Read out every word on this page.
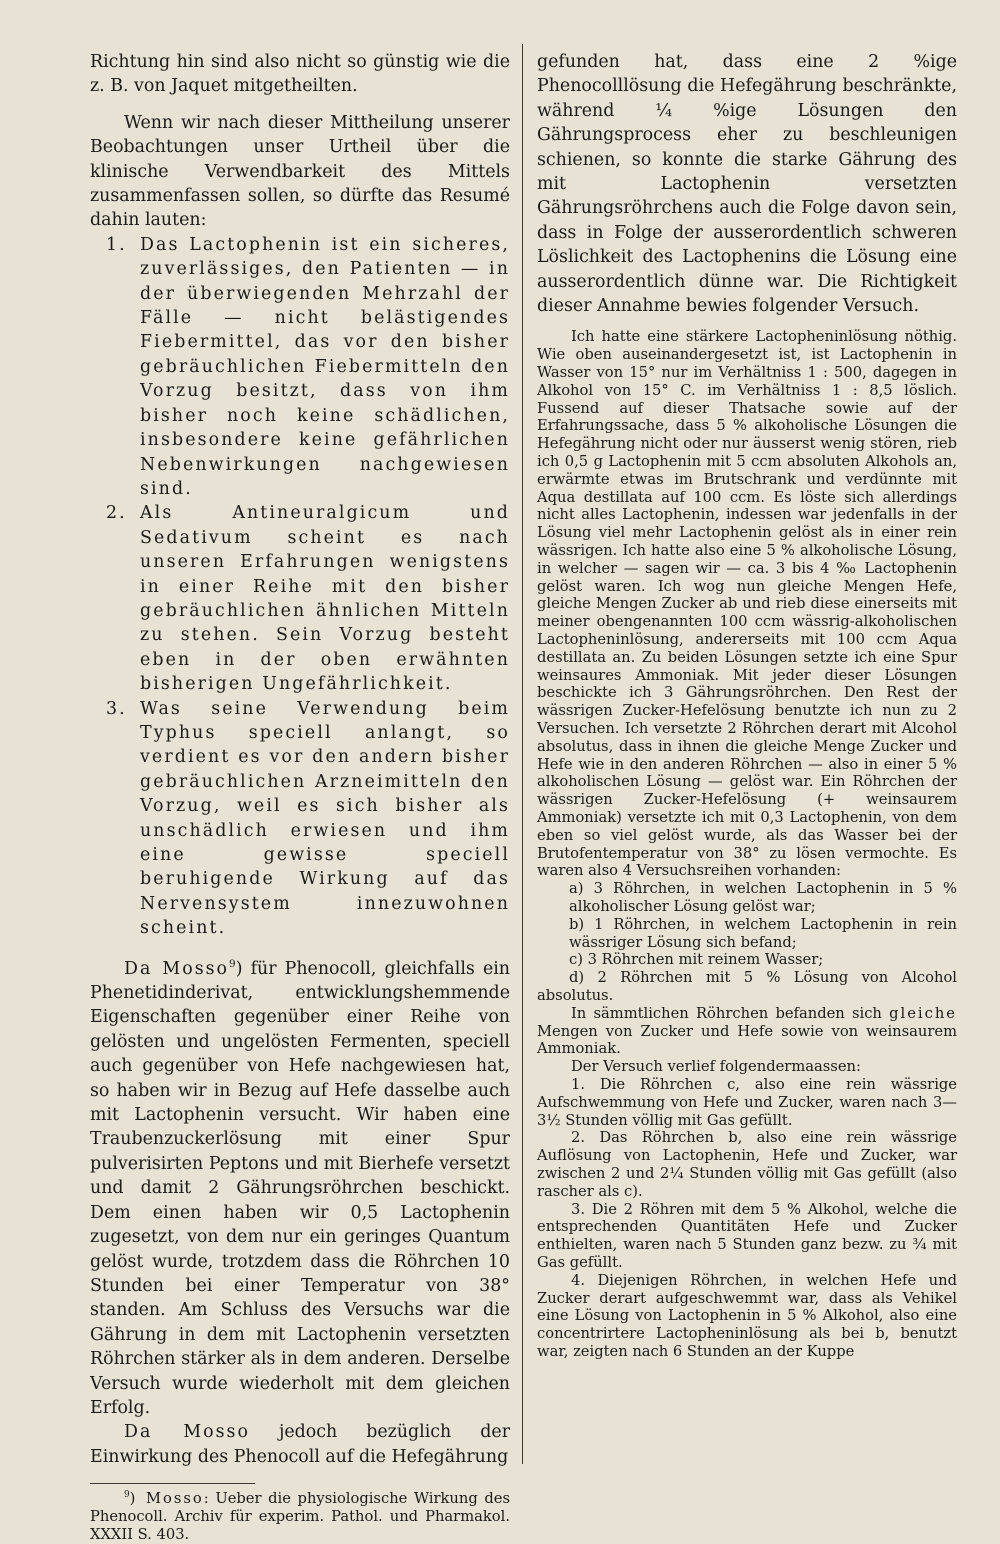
Richtung hin sind also nicht so günstig wie die z. B. von Jaquet mitgetheilten.

Wenn wir nach dieser Mittheilung unserer Beobachtungen unser Urtheil über die klinische Verwendbarkeit des Mittels zusammenfassen sollen, so dürfte das Resumé dahin lauten:

1. Das Lactophenin ist ein sicheres, zuverlässiges, den Patienten — in der überwiegenden Mehrzahl der Fälle — nicht belästigendes Fiebermittel, das vor den bisher gebräuchlichen Fiebermitteln den Vorzug besitzt, dass von ihm bisher noch keine schädlichen, insbesondere keine gefährlichen Nebenwirkungen nachgewiesen sind.
2. Als Antineuralgicum und Sedativum scheint es nach unseren Erfahrungen wenigstens in einer Reihe mit den bisher gebräuchlichen ähnlichen Mitteln zu stehen. Sein Vorzug besteht eben in der oben erwähnten bisherigen Ungefährlichkeit.
3. Was seine Verwendung beim Typhus speciell anlangt, so verdient es vor den andern bisher gebräuchlichen Arzneimitteln den Vorzug, weil es sich bisher als unschädlich erwiesen und ihm eine gewisse speciell beruhigende Wirkung auf das Nervensystem innezuwohnen scheint.

Da Mosso$^9$) für Phenocoll, gleichfalls ein Phenetidinderivat, entwicklungshemmende Eigenschaften gegenüber einer Reihe von gelösten und ungelösten Fermenten, speciell auch gegenüber von Hefe nachgewiesen hat, so haben wir in Bezug auf Hefe dasselbe auch mit Lactophenin versucht. Wir haben eine Traubenzuckerlösung mit einer Spur pulverisirten Peptons und mit Bierhefe versetzt und damit 2 Gährungsröhrchen beschickt. Dem einen haben wir 0,5 Lactophenin zugesetzt, von dem nur ein geringes Quantum gelöst wurde, trotzdem dass die Röhrchen 10 Stunden bei einer Temperatur von 38° standen. Am Schluss des Versuchs war die Gährung in dem mit Lactophenin versetzten Röhrchen stärker als in dem anderen. Derselbe Versuch wurde wiederholt mit dem gleichen Erfolg.

Da Mosso jedoch bezüglich der Einwirkung des Phenocoll auf die Hefegährung

$^9$) Mosso: Ueber die physiologische Wirkung des Phenocoll. Archiv für experim. Pathol. und Pharmakol. XXXII S. 403.

gefunden hat, dass eine 2 %ige Phenocolllösung die Hefegährung beschränkte, während ¼ %ige Lösungen den Gährungsprocess eher zu beschleunigen schienen, so konnte die starke Gährung des mit Lactophenin versetzten Gährungsröhrchens auch die Folge davon sein, dass in Folge der ausserordentlich schweren Löslichkeit des Lactophenins die Lösung eine ausserordentlich dünne war. Die Richtigkeit dieser Annahme bewies folgender Versuch.

Ich hatte eine stärkere Lactopheninlösung nöthig. Wie oben auseinandergesetzt ist, ist Lactophenin in Wasser von 15° nur im Verhältniss 1 : 500, dagegen in Alkohol von 15° C. im Verhältniss 1 : 8,5 löslich. Fussend auf dieser Thatsache sowie auf der Erfahrungssache, dass 5 % alkoholische Lösungen die Hefegährung nicht oder nur äusserst wenig stören, rieb ich 0,5 g Lactophenin mit 5 ccm absoluten Alkohols an, erwärmte etwas im Brutschrank und verdünnte mit Aqua destillata auf 100 ccm. Es löste sich allerdings nicht alles Lactophenin, indessen war jedenfalls in der Lösung viel mehr Lactophenin gelöst als in einer rein wässrigen. Ich hatte also eine 5 % alkoholische Lösung, in welcher — sagen wir — ca. 3 bis 4 ‰ Lactophenin gelöst waren. Ich wog nun gleiche Mengen Hefe, gleiche Mengen Zucker ab und rieb diese einerseits mit meiner obengenannten 100 ccm wässrig-alkoholischen Lactopheninlösung, andererseits mit 100 ccm Aqua destillata an. Zu beiden Lösungen setzte ich eine Spur weinsaures Ammoniak. Mit jeder dieser Lösungen beschickte ich 3 Gährungsröhrchen. Den Rest der wässrigen Zucker-Hefelösung benutzte ich nun zu 2 Versuchen. Ich versetzte 2 Röhrchen derart mit Alcohol absolutus, dass in ihnen die gleiche Menge Zucker und Hefe wie in den anderen Röhrchen — also in einer 5 % alkoholischen Lösung — gelöst war. Ein Röhrchen der wässrigen Zucker-Hefelösung (+ weinsaurem Ammoniak) versetzte ich mit 0,3 Lactophenin, von dem eben so viel gelöst wurde, als das Wasser bei der Brutofentemperatur von 38° zu lösen vermochte. Es waren also 4 Versuchsreihen vorhanden:

a) 3 Röhrchen, in welchen Lactophenin in 5 % alkoholischer Lösung gelöst war;
b) 1 Röhrchen, in welchem Lactophenin in rein wässriger Lösung sich befand;
c) 3 Röhrchen mit reinem Wasser;
d) 2 Röhrchen mit 5 % Lösung von Alcohol absolutus.

In sämmtlichen Röhrchen befanden sich gleiche Mengen von Zucker und Hefe sowie von weinsaurem Ammoniak.

Der Versuch verlief folgendermaassen:

1. Die Röhrchen c, also eine rein wässrige Aufschwemmung von Hefe und Zucker, waren nach 3—3½ Stunden völlig mit Gas gefüllt.

2. Das Röhrchen b, also eine rein wässrige Auflösung von Lactophenin, Hefe und Zucker, war zwischen 2 und 2¼ Stunden völlig mit Gas gefüllt (also rascher als c).

3. Die 2 Röhren mit dem 5 % Alkohol, welche die entsprechenden Quantitäten Hefe und Zucker enthielten, waren nach 5 Stunden ganz bezw. zu ¾ mit Gas gefüllt.

4. Diejenigen Röhrchen, in welchen Hefe und Zucker derart aufgeschwemmt war, dass als Vehikel eine Lösung von Lactophenin in 5 % Alkohol, also eine concentrirtere Lactopheninlösung als bei b, benutzt war, zeigten nach 6 Stunden an der Kuppe
